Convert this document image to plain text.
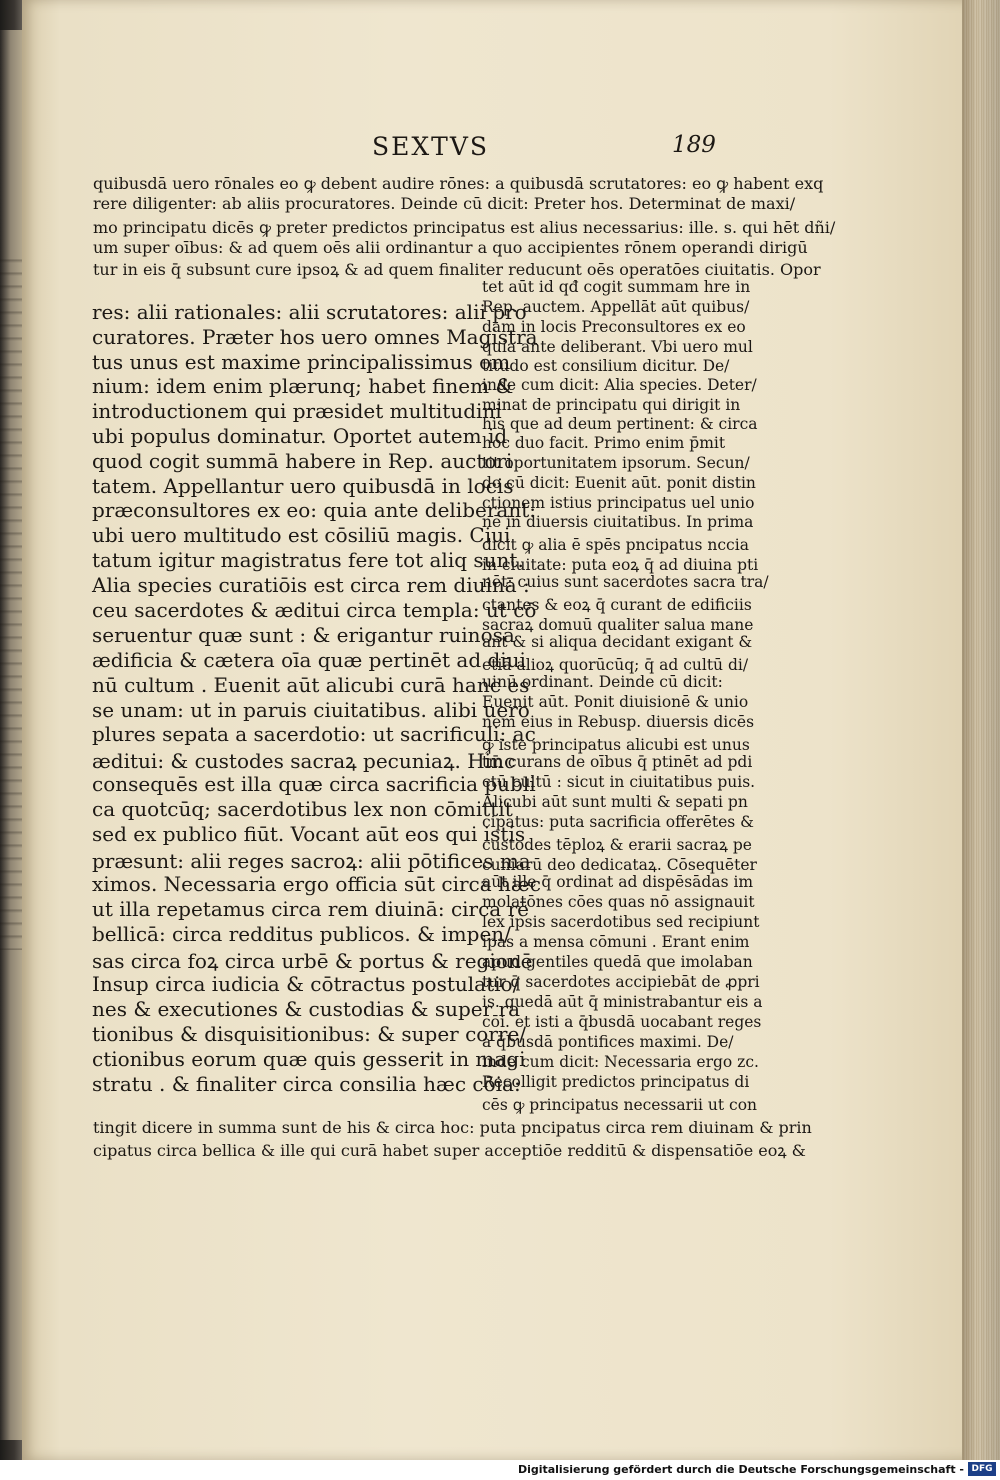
SEXTVS	189
quibusdā uero rōnales eo ꝙ debent audire rōnes: a quibusdā scrutatores: eo ꝙ habent exq
rere diligenter: ab aliis procuratores. Deinde cū dicit: Preter hos. Determinat de maxi/
mo principatu dicēs ꝙ preter predictos principatus est alius necessarius: ille. s. qui hēt dñi/
um super oībus: & ad quem oēs alii ordinantur a quo accipientes rōnem operandi dirigū
tur in eis q̄ subsunt cure ipsoꝝ & ad quem finaliter reducunt oēs operatōes ciuitatis. Opor
res: alii rationales: alii scrutatores: alii pro
curatores. Præter hos uero omnes Magistra
tus unus est maxime principalissimus om
nium: idem enim plærunq; habet finem &
introductionem qui præsidet multitudini
ubi populus dominatur. Oportet autem id
quod cogit summā habere in Rep. auctori
tatem. Appellantur uero quibusdā in locis
præconsultores ex eo: quia ante deliberant:
ubi uero multitudo est cōsiliū magis. Ciui
tatum igitur magistratus fere tot aliq sunt.
Alia species curatiōis est circa rem diuinā :
ceu sacerdotes & æditui circa templa: ut cō
seruentur quæ sunt : & erigantur ruinosa
ædificia & cætera oīa quæ pertinēt ad diui
nū cultum . Euenit aūt alicubi curā hanc es
se unam: ut in paruis ciuitatibus. alibi uero
plures sepata a sacerdotio: ut sacrificuli: ac
æditui: & custodes sacraꝝ pecuniaꝝ. Hinc
consequēs est illa quæ circa sacrificia publi
ca quotcūq; sacerdotibus lex non cōmittit
sed ex publico fiūt. Vocant aūt eos qui istis
præsunt: alii reges sacroꝝ: alii pōtifices ma
ximos. Necessaria ergo officia sūt circa hæc
ut illa repetamus circa rem diuinā: circa rē
bellicā: circa redditus publicos. & impen/
sas circa foꝝ circa urbē & portus & regionē
Insup circa iudicia & cōtractus postulatio/
nes & executiones & custodias & super ra
tionibus & disquisitionibus: & super corre/
ctionibus eorum quæ quis gesserit in magi
stratu . & finaliter circa consilia hæc cōia:
tet aūt id qđ cogit summam hre in
Rep. auctem. Appellāt aūt quibus/
dam in locis Preconsultores ex eo
quia ante deliberant. Vbi uero mul
titudo est consilium dicitur. De/
inde cum dicit: Alia species. Deter/
minat de principatu qui dirigit in
his que ad deum pertinent: & circa
hoc duo facit. Primo enim p̄mit
tit oportunitatem ipsorum. Secun/
do cū dicit: Euenit aūt. ponit distin
ctionem istius principatus uel unio
nē in diuersis ciuitatibus. In prima
dicit ꝙ alia ē spēs pncipatus nccia
in ciuitate: puta eoꝝ q̄ ad diuina pti
nēt: cuius sunt sacerdotes sacra tra/
ctantes & eoꝝ q̄ curant de edificiis
sacraꝝ domuū qualiter salua mane
ant & si aliqua decidant exigant &
etiā alioꝝ quorūcūq; q̄ ad cultū di/
uinū ordinant. Deinde cū dicit:
Euenit aūt. Ponit diuisionē & unio
nem eius in Rebusp. diuersis dicēs
ꝙ iste principatus alicubi est unus
tm̄ curans de oībus q̄ ptinēt ad pdi
ctū cultū : sicut in ciuitatibus puis.
Alicubi aūt sunt multi & sepati pn
cipatus: puta sacrificia offerētes &
custodes tēploꝝ & erarii sacraꝝ pe
cuniarū deo dedicataꝝ. Cōsequēter
aūt ille q̄ ordinat ad dispēsādas im
molatōnes cōes quas nō assignauit
lex ipsis sacerdotibus sed recipiunt
ipas a mensa cōmuni . Erant enim
apud gentiles quedā que imolaban
tur q̄ sacerdotes accipiebāt de ꝓpri
is. quedā aūt q̄ ministrabantur eis a
cōi. et isti a q̄busdā uocabant reges
a q̄busdā pontifices maximi. De/
inde cum dicit: Necessaria ergo zc.
Recolligit predictos principatus di
cēs ꝙ principatus necessarii ut con
tingit dicere in summa sunt de his & circa hoc: puta pncipatus circa rem diuinam & prin
cipatus circa bellica & ille qui curā habet super acceptiōe redditū & dispensatiōe eoꝝ &
Digitalisierung gefördert durch die Deutsche Forschungsgemeinschaft - DFG
